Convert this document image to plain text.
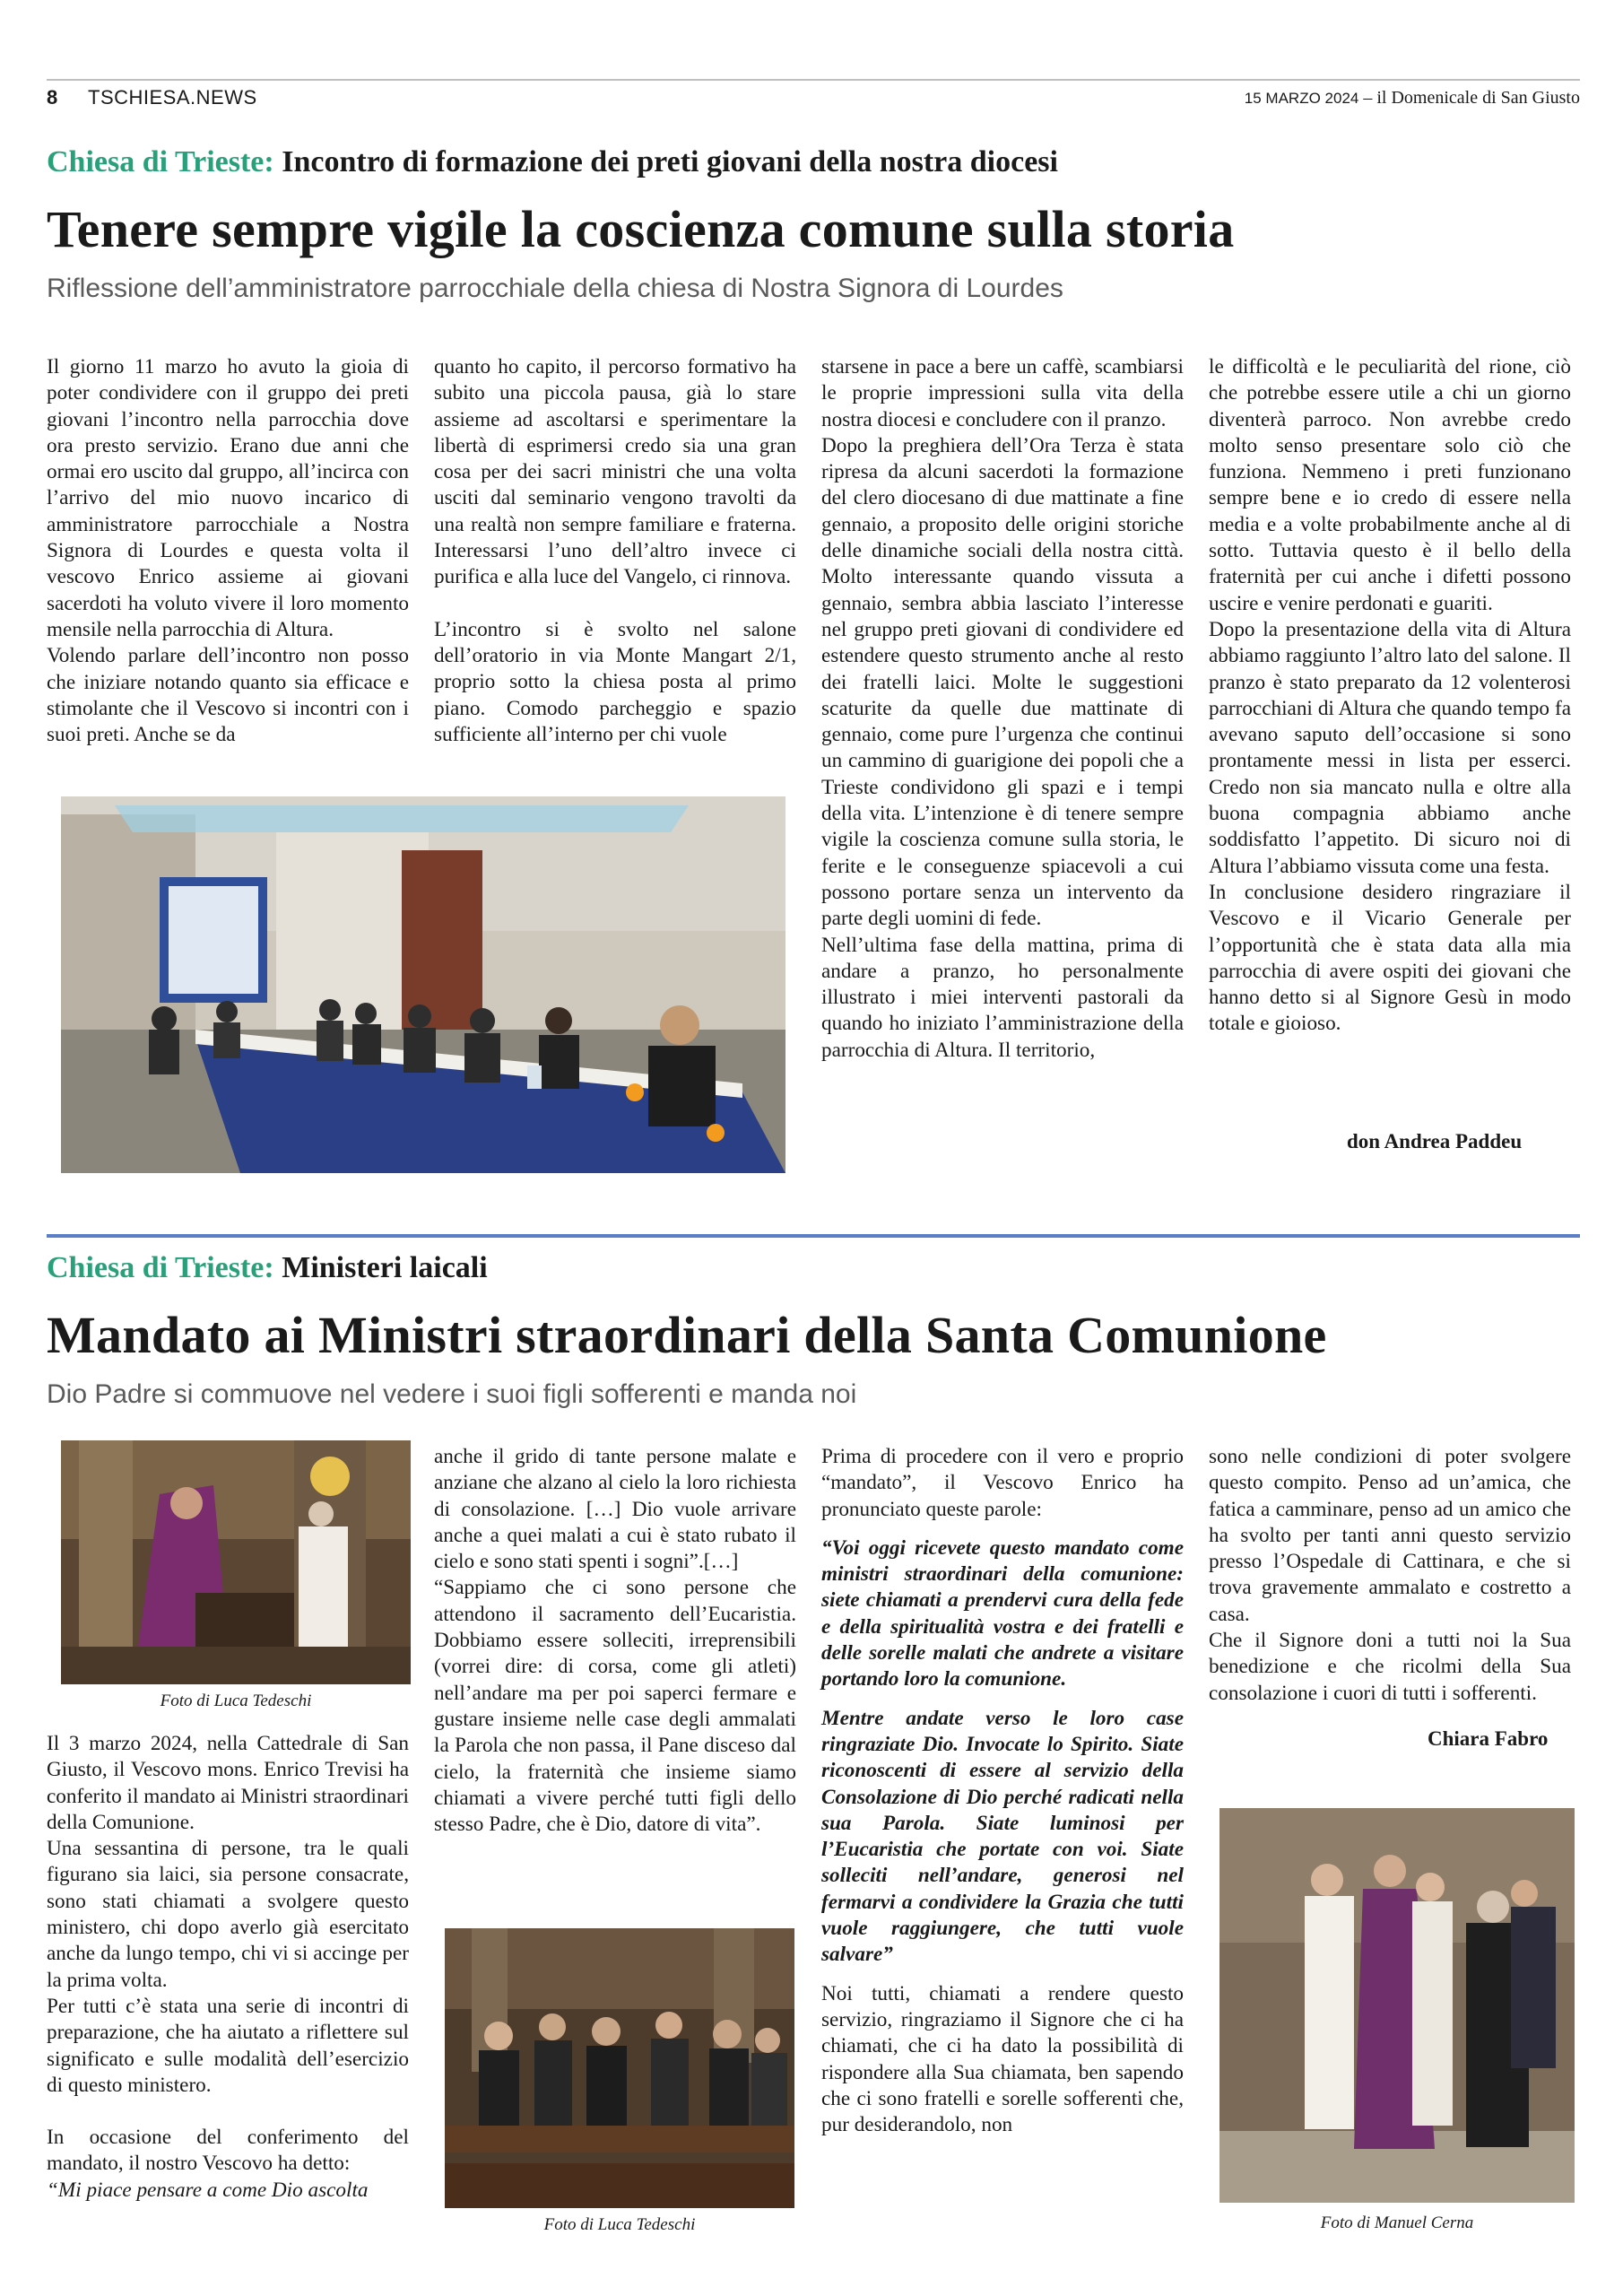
8 TSCHIESA.NEWS	15 MARZO 2024 – il Domenicale di San Giusto
Chiesa di Trieste: Incontro di formazione dei preti giovani della nostra diocesi
Tenere sempre vigile la coscienza comune sulla storia
Riflessione dell’amministratore parrocchiale della chiesa di Nostra Signora di Lourdes

Il giorno 11 marzo ho avuto la gioia di poter condividere con il gruppo dei preti giovani l’incontro nella parrocchia dove ora presto servizio. Erano due anni che ormai ero uscito dal gruppo, all’incirca con l’arrivo del mio nuovo incarico di amministratore parrocchiale a Nostra Signora di Lourdes e questa volta il vescovo Enrico assieme ai giovani sacerdoti ha voluto vivere il loro momento mensile nella parrocchia di Altura.

Volendo parlare dell’incontro non posso che iniziare notando quanto sia efficace e stimolante che il Vescovo si incontri con i suoi preti. Anche se da

quanto ho capito, il percorso formativo ha subito una piccola pausa, già lo stare assieme ad ascoltarsi e sperimentare la libertà di esprimersi credo sia una gran cosa per dei sacri ministri che una volta usciti dal seminario vengono travolti da una realtà non sempre familiare e fraterna. Interessarsi l’uno dell’altro invece ci purifica e alla luce del Vangelo, ci rinnova.

L’incontro si è svolto nel salone dell’oratorio in via Monte Mangart 2/1, proprio sotto la chiesa posta al primo piano. Comodo parcheggio e spazio sufficiente all’interno per chi vuole

starsene in pace a bere un caffè, scambiarsi le proprie impressioni sulla vita della nostra diocesi e concludere con il pranzo.

Dopo la preghiera dell’Ora Terza è stata ripresa da alcuni sacerdoti la formazione del clero diocesano di due mattinate a fine gennaio, a proposito delle origini storiche delle dinamiche sociali della nostra città. Molto interessante quando vissuta a gennaio, sembra abbia lasciato l’interesse nel gruppo preti giovani di condividere ed estendere questo strumento anche al resto dei fratelli laici. Molte le suggestioni scaturite da quelle due mattinate di gennaio, come pure l’urgenza che continui un cammino di guarigione dei popoli che a Trieste condividono gli spazi e i tempi della vita. L’intenzione è di tenere sempre vigile la coscienza comune sulla storia, le ferite e le conseguenze spiacevoli a cui possono portare senza un intervento da parte degli uomini di fede.

Nell’ultima fase della mattina, prima di andare a pranzo, ho personalmente illustrato i miei interventi pastorali da quando ho iniziato l’amministrazione della parrocchia di Altura. Il territorio,

le difficoltà e le peculiarità del rione, ciò che potrebbe essere utile a chi un giorno diventerà parroco. Non avrebbe credo molto senso presentare solo ciò che funziona. Nemmeno i preti funzionano sempre bene e io credo di essere nella media e a volte probabilmente anche al di sotto. Tuttavia questo è il bello della fraternità per cui anche i difetti possono uscire e venire perdonati e guariti.

Dopo la presentazione della vita di Altura abbiamo raggiunto l’altro lato del salone. Il pranzo è stato preparato da 12 volenterosi parrocchiani di Altura che quando tempo fa avevano saputo dell’occasione si sono prontamente messi in lista per esserci. Credo non sia mancato nulla e oltre alla buona compagnia abbiamo anche soddisfatto l’appetito. Di sicuro noi di Altura l’abbiamo vissuta come una festa.

In conclusione desidero ringraziare il Vescovo e il Vicario Generale per l’opportunità che è stata data alla mia parrocchia di avere ospiti dei giovani che hanno detto si al Signore Gesù in modo totale e gioioso.

don Andrea Paddeu
Chiesa di Trieste: Ministeri laicali
Mandato ai Ministri straordinari della Santa Comunione
Dio Padre si commuove nel vedere i suoi figli sofferenti e manda noi
Foto di Luca Tedeschi

Il 3 marzo 2024, nella Cattedrale di San Giusto, il Vescovo mons. Enrico Trevisi ha conferito il mandato ai Ministri straordinari della Comunione.

Una sessantina di persone, tra le quali figurano sia laici, sia persone consacrate, sono stati chiamati a svolgere questo ministero, chi dopo averlo già esercitato anche da lungo tempo, chi vi si accinge per la prima volta.

Per tutti c’è stata una serie di incontri di preparazione, che ha aiutato a riflettere sul significato e sulle modalità dell’esercizio di questo ministero.

In occasione del conferimento del mandato, il nostro Vescovo ha detto:

“Mi piace pensare a come Dio ascolta

anche il grido di tante persone malate e anziane che alzano al cielo la loro richiesta di consolazione. […] Dio vuole arrivare anche a quei malati a cui è stato rubato il cielo e sono stati spenti i sogni”.[…]

“Sappiamo che ci sono persone che attendono il sacramento dell’Eucaristia. Dobbiamo essere solleciti, irreprensibili (vorrei dire: di corsa, come gli atleti) nell’andare ma per poi saperci fermare e gustare insieme nelle case degli ammalati la Parola che non passa, il Pane disceso dal cielo, la fraternità che insieme siamo chiamati a vivere perché tutti figli dello stesso Padre, che è Dio, datore di vita”.

Foto di Luca Tedeschi

Prima di procedere con il vero e proprio “mandato”, il Vescovo Enrico ha pronunciato queste parole:

“Voi oggi ricevete questo mandato come ministri straordinari della comunione: siete chiamati a prendervi cura della fede e della spiritualità vostra e dei fratelli e delle sorelle malati che andrete a visitare portando loro la comunione.

Mentre andate verso le loro case ringraziate Dio. Invocate lo Spirito. Siate riconoscenti di essere al servizio della Consolazione di Dio perché radicati nella sua Parola. Siate luminosi per l’Eucaristia che portate con voi. Siate solleciti nell’andare, generosi nel fermarvi a condividere la Grazia che tutti vuole raggiungere, che tutti vuole salvare”

Noi tutti, chiamati a rendere questo servizio, ringraziamo il Signore che ci ha chiamati, che ci ha dato la possibilità di rispondere alla Sua chiamata, ben sapendo che ci sono fratelli e sorelle sofferenti che, pur desiderandolo, non

sono nelle condizioni di poter svolgere questo compito. Penso ad un’amica, che fatica a camminare, penso ad un amico che ha svolto per tanti anni questo servizio presso l’Ospedale di Cattinara, e che si trova gravemente ammalato e costretto a casa.

Che il Signore doni a tutti noi la Sua benedizione e che ricolmi della Sua consolazione i cuori di tutti i sofferenti.

Chiara Fabro
Foto di Manuel Cerna
